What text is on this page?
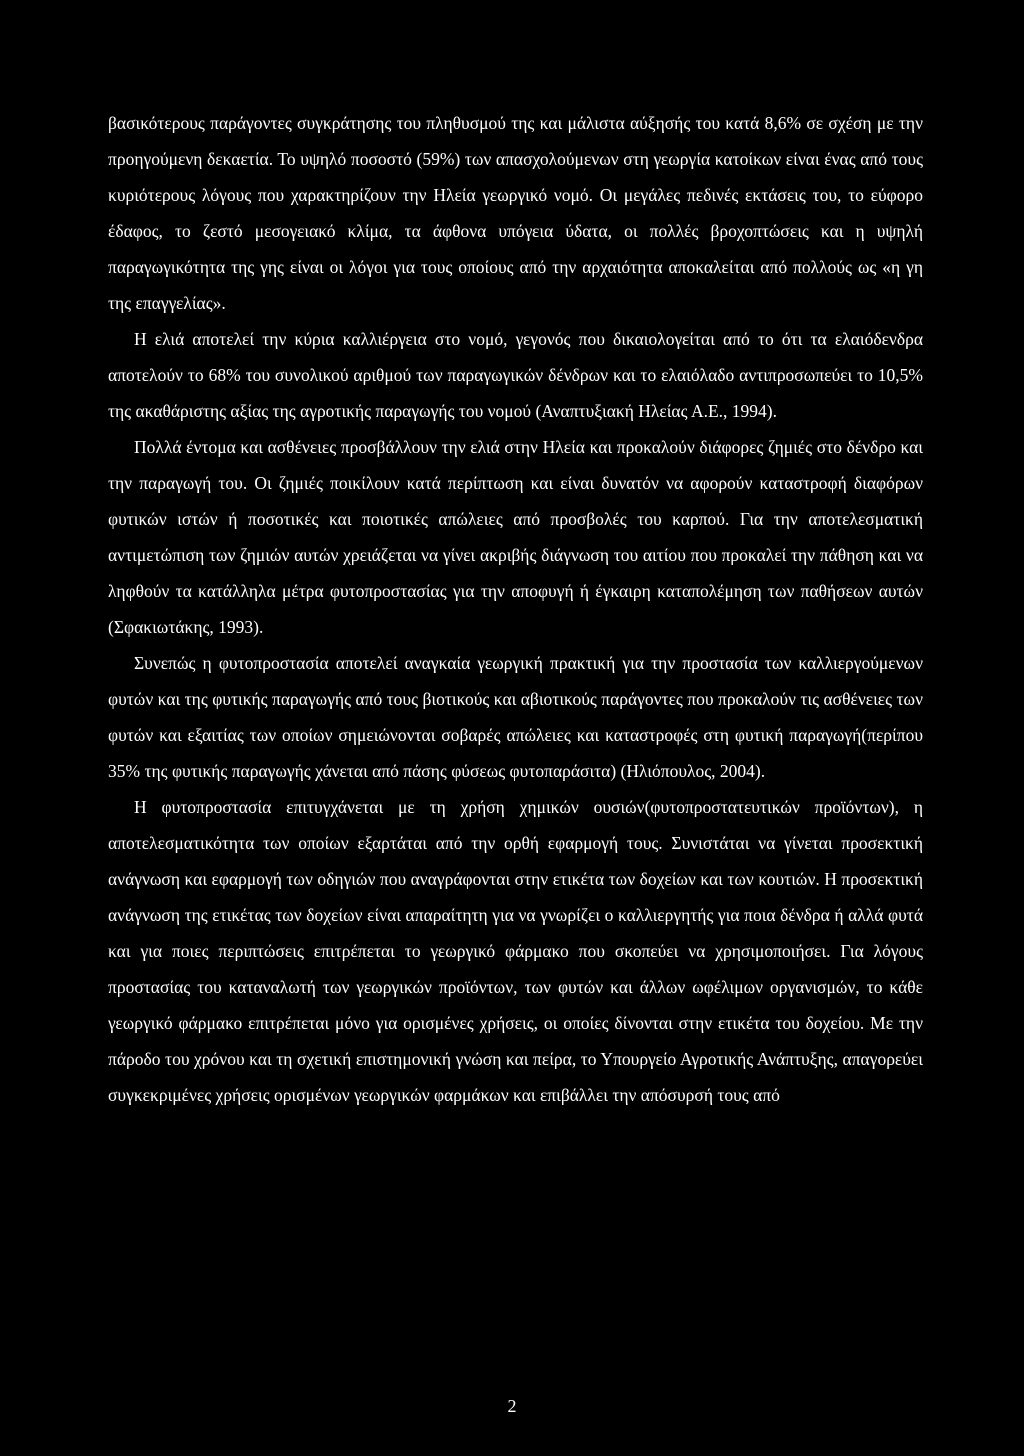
βασικότερους παράγοντες συγκράτησης του πληθυσμού της και μάλιστα αύξησής του κατά 8,6% σε σχέση με την προηγούμενη δεκαετία. Το υψηλό ποσοστό (59%) των απασχολούμενων στη γεωργία κατοίκων είναι ένας από τους κυριότερους λόγους που χαρακτηρίζουν την Ηλεία γεωργικό νομό. Οι μεγάλες πεδινές εκτάσεις του, το εύφορο έδαφος, το ζεστό μεσογειακό κλίμα, τα άφθονα υπόγεια ύδατα, οι πολλές βροχοπτώσεις και η υψηλή παραγωγικότητα της γης είναι οι λόγοι για τους οποίους από την αρχαιότητα αποκαλείται από πολλούς ως «η γη της επαγγελίας».

Η ελιά αποτελεί την κύρια καλλιέργεια στο νομό, γεγονός που δικαιολογείται από το ότι τα ελαιόδενδρα αποτελούν το 68% του συνολικού αριθμού των παραγωγικών δένδρων και το ελαιόλαδο αντιπροσωπεύει το 10,5% της ακαθάριστης αξίας της αγροτικής παραγωγής του νομού (Αναπτυξιακή Ηλείας Α.Ε., 1994).

Πολλά έντομα και ασθένειες προσβάλλουν την ελιά στην Ηλεία και προκαλούν διάφορες ζημιές στο δένδρο και την παραγωγή του. Οι ζημιές ποικίλουν κατά περίπτωση και είναι δυνατόν να αφορούν καταστροφή διαφόρων φυτικών ιστών ή ποσοτικές και ποιοτικές απώλειες από προσβολές του καρπού. Για την αποτελεσματική αντιμετώπιση των ζημιών αυτών χρειάζεται να γίνει ακριβής διάγνωση του αιτίου που προκαλεί την πάθηση και να ληφθούν τα κατάλληλα μέτρα φυτοπροστασίας για την αποφυγή ή έγκαιρη καταπολέμηση των παθήσεων αυτών (Σφακιωτάκης, 1993).

Συνεπώς η φυτοπροστασία αποτελεί αναγκαία γεωργική πρακτική για την προστασία των καλλιεργούμενων φυτών και της φυτικής παραγωγής από τους βιοτικούς και αβιοτικούς παράγοντες που προκαλούν τις ασθένειες των φυτών και εξαιτίας των οποίων σημειώνονται σοβαρές απώλειες και καταστροφές στη φυτική παραγωγή(περίπου 35% της φυτικής παραγωγής χάνεται από πάσης φύσεως φυτοπαράσιτα) (Ηλιόπουλος, 2004).

Η φυτοπροστασία επιτυγχάνεται με τη χρήση χημικών ουσιών(φυτοπροστατευτικών προϊόντων), η αποτελεσματικότητα των οποίων εξαρτάται από την ορθή εφαρμογή τους. Συνιστάται να γίνεται προσεκτική ανάγνωση και εφαρμογή των οδηγιών που αναγράφονται στην ετικέτα των δοχείων και των κουτιών. Η προσεκτική ανάγνωση της ετικέτας των δοχείων είναι απαραίτητη για να γνωρίζει ο καλλιεργητής για ποια δένδρα ή αλλά φυτά και για ποιες περιπτώσεις επιτρέπεται το γεωργικό φάρμακο που σκοπεύει να χρησιμοποιήσει. Για λόγους προστασίας του καταναλωτή των γεωργικών προϊόντων, των φυτών και άλλων ωφέλιμων οργανισμών, το κάθε γεωργικό φάρμακο επιτρέπεται μόνο για ορισμένες χρήσεις, οι οποίες δίνονται στην ετικέτα του δοχείου. Με την πάροδο του χρόνου και τη σχετική επιστημονική γνώση και πείρα, το Υπουργείο Αγροτικής Ανάπτυξης, απαγορεύει συγκεκριμένες χρήσεις ορισμένων γεωργικών φαρμάκων και επιβάλλει την απόσυρσή τους από

2
